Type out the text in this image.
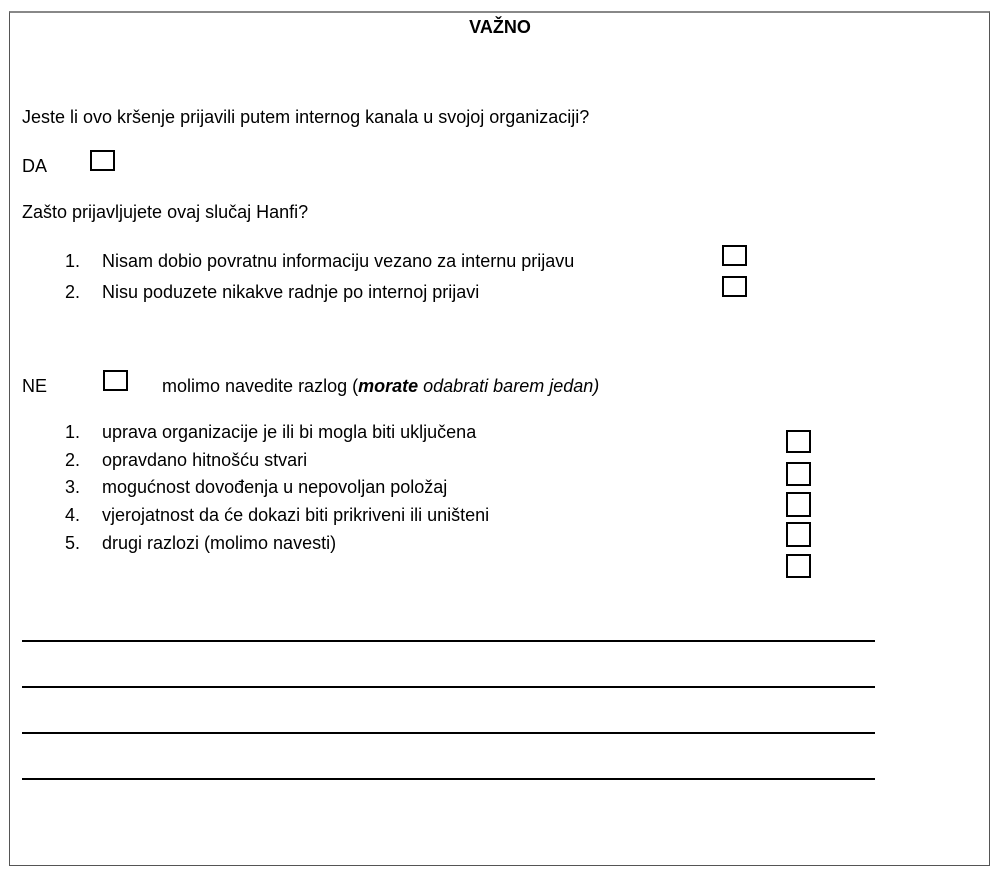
VAŽNO
Jeste li ovo kršenje prijavili putem internog kanala u svojoj organizaciji?
DA
Zašto prijavljujete ovaj slučaj Hanfi?
1. Nisam dobio povratnu informaciju vezano za internu prijavu
2. Nisu poduzete nikakve radnje po internoj prijavi
NE	molimo navedite razlog (morate odabrati barem jedan)
1. uprava organizacije je ili bi mogla biti uključena
2. opravdano hitnošću stvari
3. mogućnost dovođenja u nepovoljan položaj
4. vjerojatnost da će dokazi biti prikriveni ili uništeni
5. drugi razlozi (molimo navesti)
